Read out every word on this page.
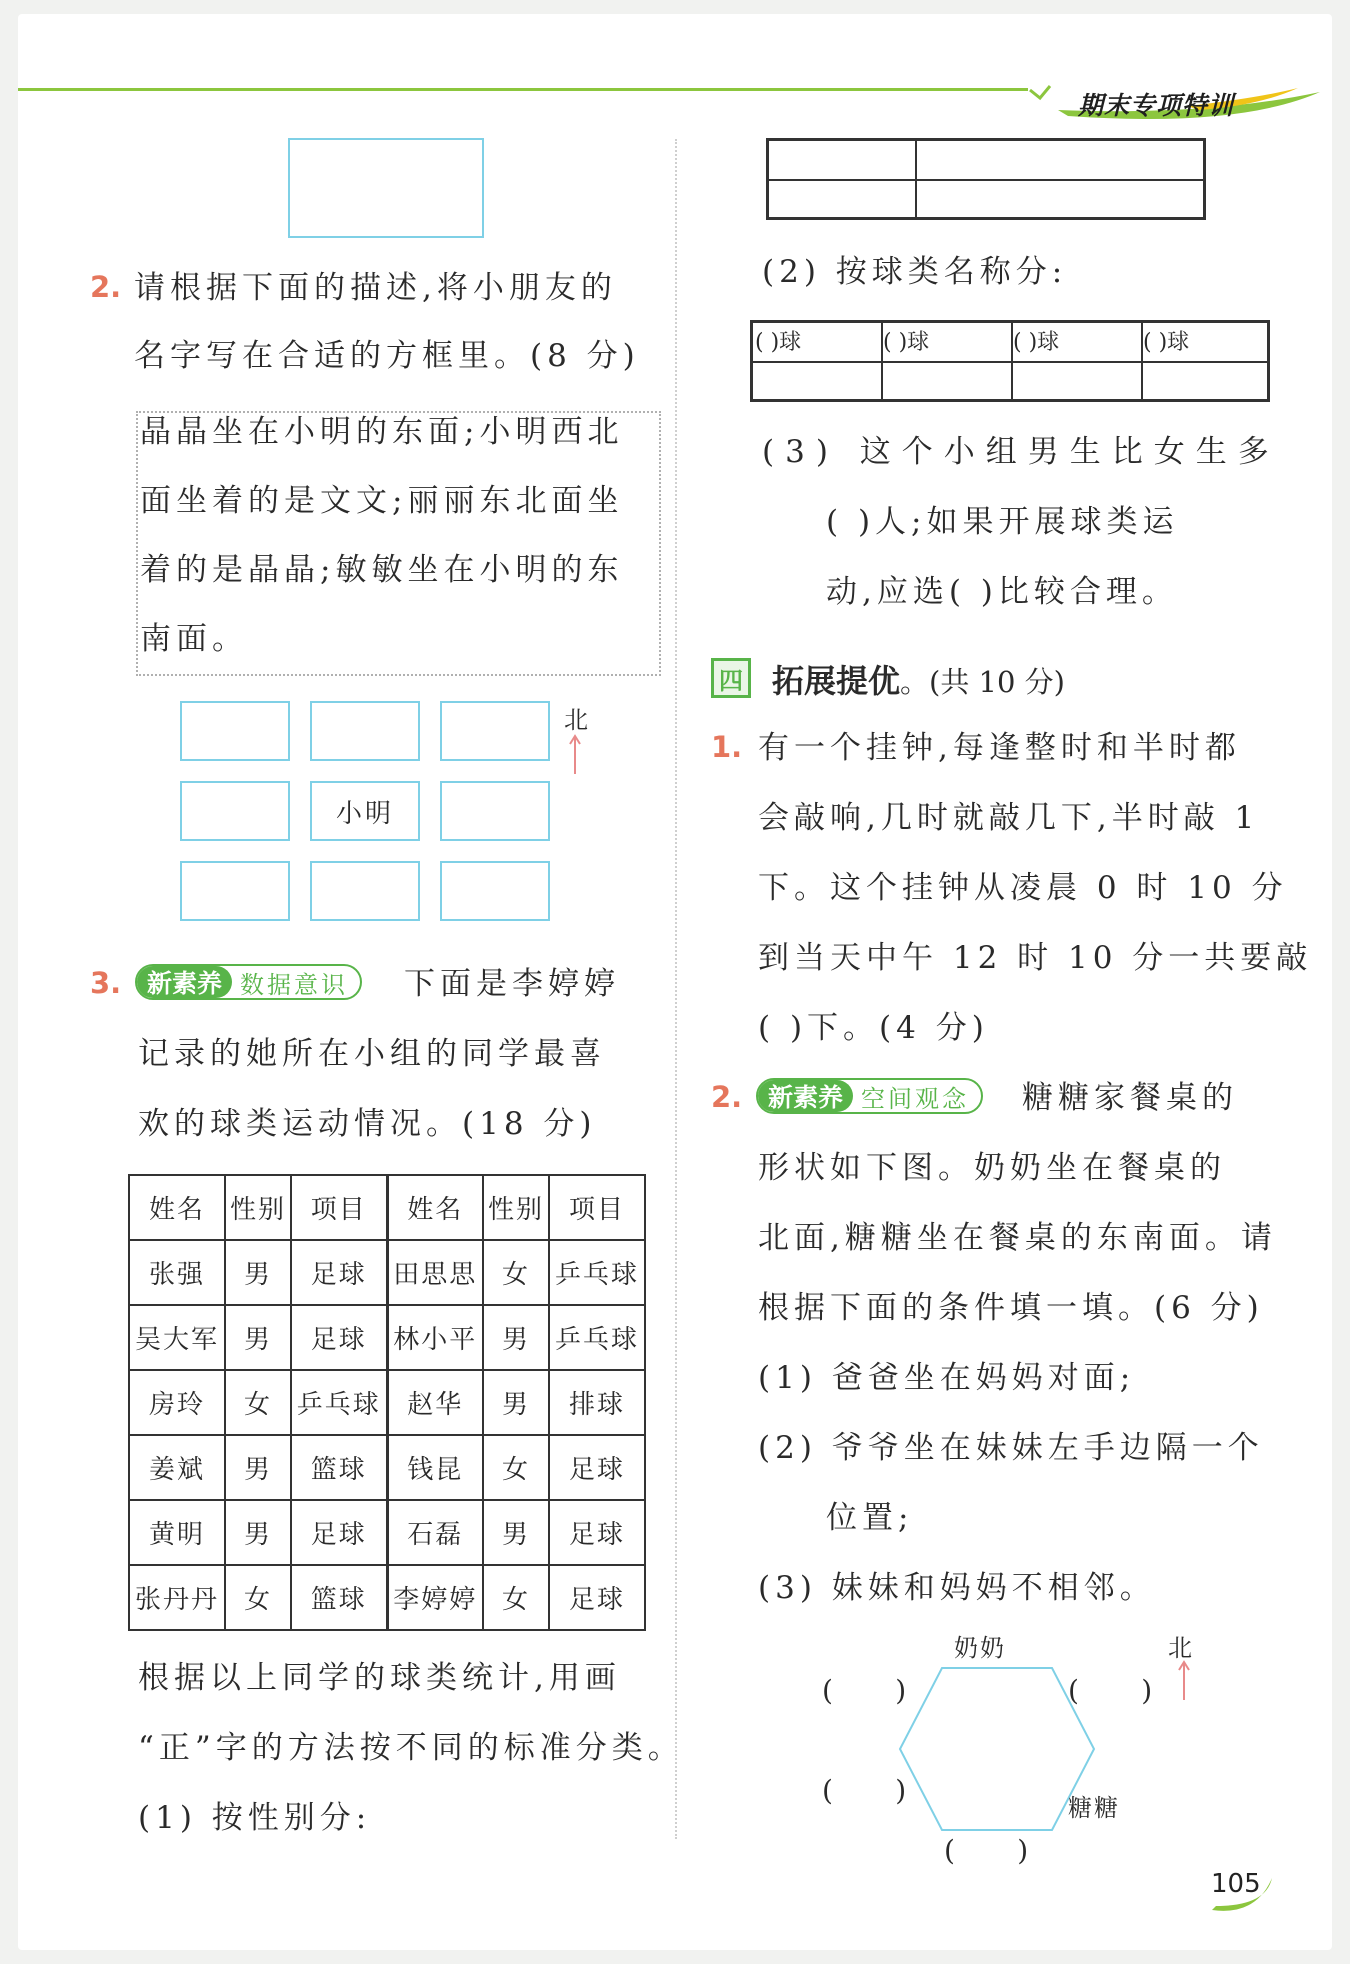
期末专项特训
2. 请根据下面的描述,将小朋友的
名字写在合适的方框里。(8 分)
晶晶坐在小明的东面;小明西北
面坐着的是文文;丽丽东北面坐
着的是晶晶;敏敏坐在小明的东
南面。
小明
北
3.	新素养 数据意识	下面是李婷婷
记录的她所在小组的同学最喜
欢的球类运动情况。(18 分)
姓名	性别	项目	姓名	性别	项目
张强	男	足球	田思思	女	乒乓球
吴大军	男	足球	林小平	男	乒乓球
房玲	女	乒乓球	赵华	男	排球
姜斌	男	篮球	钱昆	女	足球
黄明	男	足球	石磊	男	足球
张丹丹	女	篮球	李婷婷	女	足球
根据以上同学的球类统计,用画
“正”字的方法按不同的标准分类。
(1) 按性别分:
(2) 按球类名称分:
( )球	( )球	( )球	( )球
(3) 这个小组男生比女生多
( )人;如果开展球类运
动,应选( )比较合理。
四 拓展提优。(共 10 分)
1. 有一个挂钟,每逢整时和半时都
会敲响,几时就敲几下,半时敲 1
下。这个挂钟从凌晨 0 时 10 分
到当天中午 12 时 10 分一共要敲
( )下。(4 分)
2.	新素养 空间观念	糖糖家餐桌的
形状如下图。奶奶坐在餐桌的
北面,糖糖坐在餐桌的东南面。请
根据下面的条件填一填。(6 分)
(1) 爸爸坐在妈妈对面;
(2) 爷爷坐在妹妹左手边隔一个
位置;
(3) 妹妹和妈妈不相邻。
奶奶
糖糖
北
(       )	(       )
(       )
(       )
105
